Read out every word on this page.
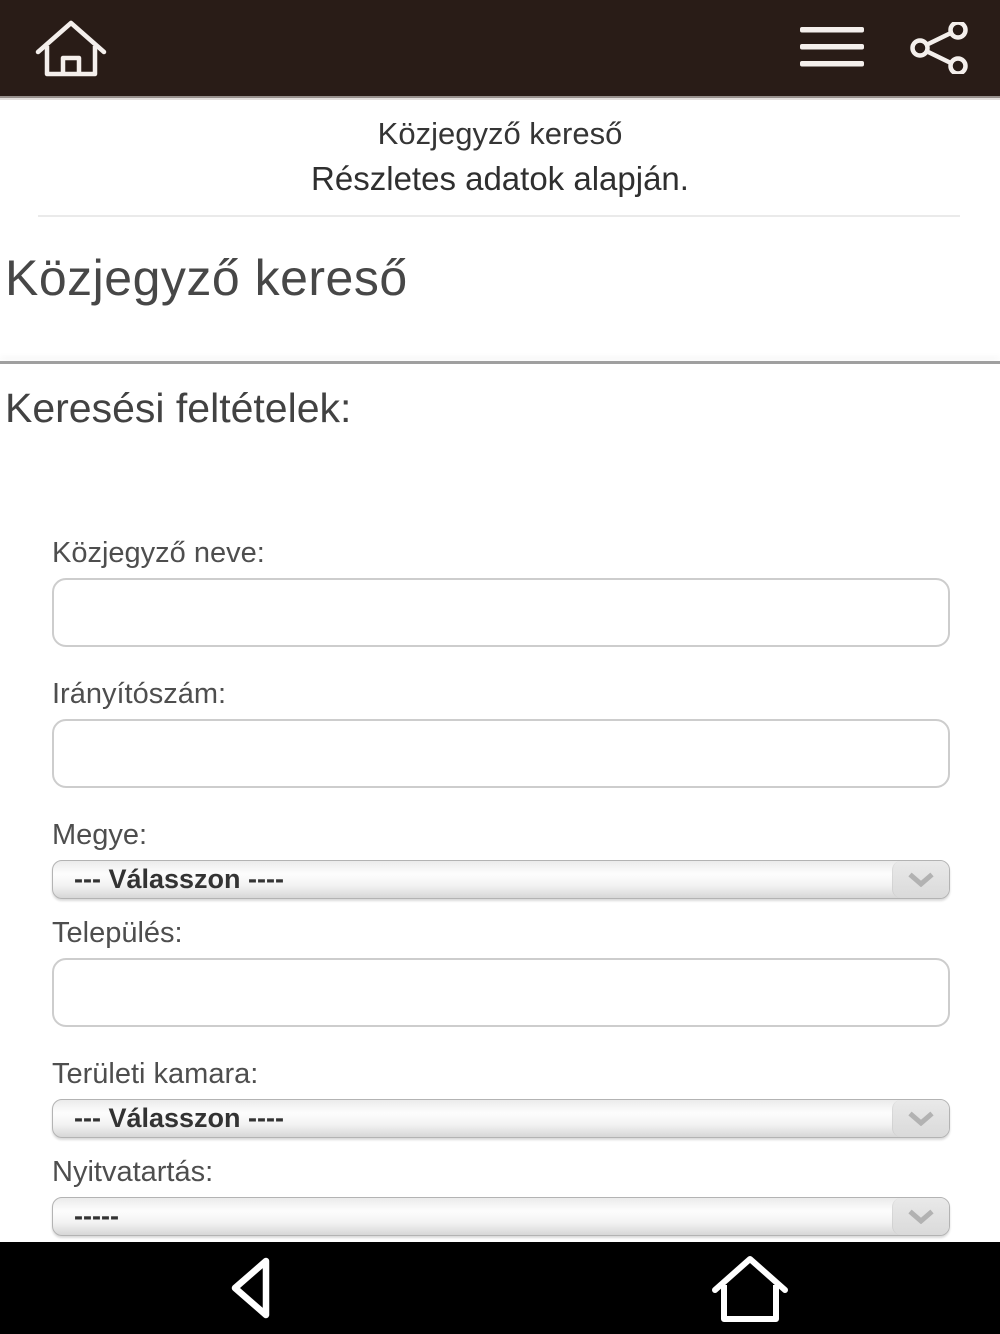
Közjegyző kereső
Részletes adatok alapján.
Közjegyző kereső
Keresési feltételek:
Közjegyző neve:
Irányítószám:
Megye:
--- Válasszon ----
Település:
Területi kamara:
--- Válasszon ----
Nyitvatartás:
-----
